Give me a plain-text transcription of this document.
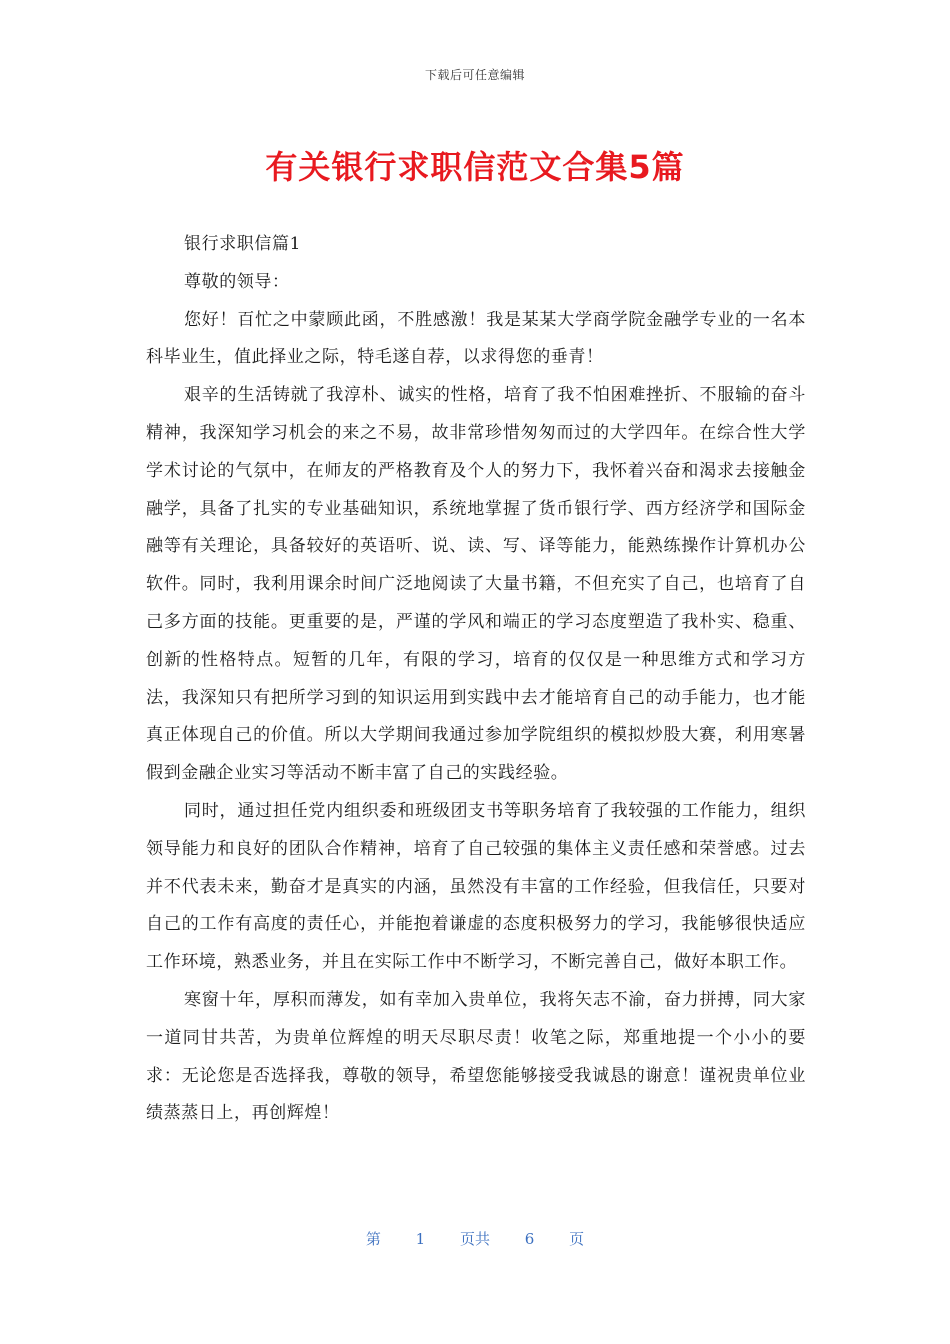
下载后可任意编辑
有关银行求职信范文合集5篇

银行求职信篇1

尊敬的领导：

您好！百忙之中蒙顾此函，不胜感激！我是某某大学商学院金融学专业的一名本科毕业生，值此择业之际，特毛遂自荐，以求得您的垂青！

艰辛的生活铸就了我淳朴、诚实的性格，培育了我不怕困难挫折、不服输的奋斗精神，我深知学习机会的来之不易，故非常珍惜匆匆而过的大学四年。在综合性大学学术讨论的气氛中，在师友的严格教育及个人的努力下，我怀着兴奋和渴求去接触金融学，具备了扎实的专业基础知识，系统地掌握了货币银行学、西方经济学和国际金融等有关理论，具备较好的英语听、说、读、写、译等能力，能熟练操作计算机办公软件。同时，我利用课余时间广泛地阅读了大量书籍，不但充实了自己，也培育了自己多方面的技能。更重要的是，严谨的学风和端正的学习态度塑造了我朴实、稳重、创新的性格特点。短暂的几年，有限的学习，培育的仅仅是一种思维方式和学习方法，我深知只有把所学习到的知识运用到实践中去才能培育自己的动手能力，也才能真正体现自己的价值。所以大学期间我通过参加学院组织的模拟炒股大赛，利用寒暑假到金融企业实习等活动不断丰富了自己的实践经验。

同时，通过担任党内组织委和班级团支书等职务培育了我较强的工作能力，组织领导能力和良好的团队合作精神，培育了自己较强的集体主义责任感和荣誉感。过去并不代表未来，勤奋才是真实的内涵，虽然没有丰富的工作经验，但我信任，只要对自己的工作有高度的责任心，并能抱着谦虚的态度积极努力的学习，我能够很快适应工作环境，熟悉业务，并且在实际工作中不断学习，不断完善自己，做好本职工作。

寒窗十年，厚积而薄发，如有幸加入贵单位，我将矢志不渝，奋力拼搏，同大家一道同甘共苦，为贵单位辉煌的明天尽职尽责！收笔之际，郑重地提一个小小的要求：无论您是否选择我，尊敬的领导，希望您能够接受我诚恳的谢意！谨祝贵单位业绩蒸蒸日上，再创辉煌！

第 1 页共 6 页
